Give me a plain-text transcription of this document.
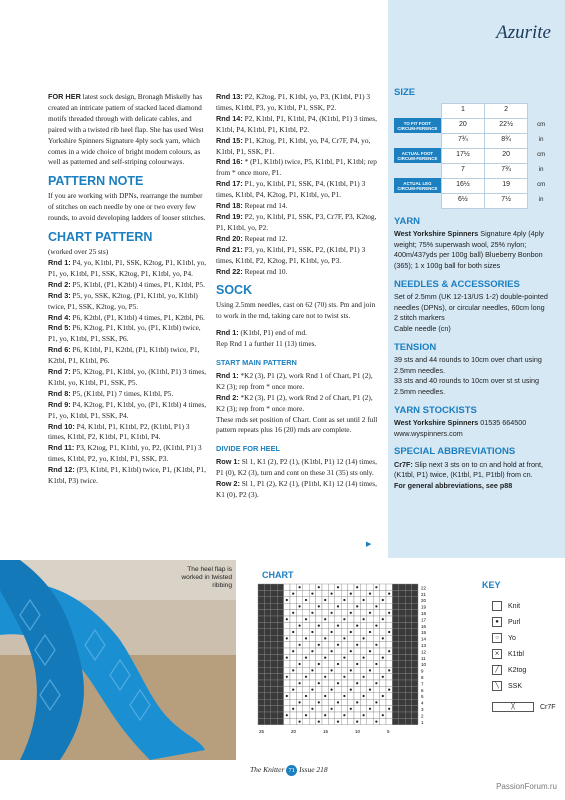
Azurite

FOR HER latest sock design, Bronagh Miskelly has created an intricate pattern of stacked laced diamond motifs threaded through with delicate cables, and paired with a twisted rib heel flap. She has used West Yorkshire Spinners Signature 4ply sock yarn, which comes in a wide choice of bright modern colours, as well as patterned and self-striping colourways.

PATTERN NOTE

If you are working with DPNs, rearrange the number of stitches on each needle by one or two every few rounds, to avoid developing ladders of looser stitches.

CHART PATTERN

(worked over 25 sts)

Rnd 1: P4, yo, K1tbl, P1, SSK, K2tog, P1, K1tbl, yo, P1, yo, K1tbl, P1, SSK, K2tog, P1, K1tbl, yo, P4.

Rnd 2: P5, K1tbl, (P1, K2tbl) 4 times, P1, K1tbl, P5.

Rnd 3: P5, yo, SSK, K2tog, (P1, K1tbl, yo, K1tbl) twice, P1, SSK, K2tog, yo, P5.

Rnd 4: P6, K2tbl, (P1, K1tbl) 4 times, P1, K2tbl, P6.

Rnd 5: P6, K2tog, P1, K1tbl, yo, (P1, K1tbl) twice, P1, yo, K1tbl, P1, SSK, P6.

Rnd 6: P6, K1tbl, P1, K2tbl, (P1, K1tbl) twice, P1, K2tbl, P1, K1tbl, P6.

Rnd 7: P5, K2tog, P1, K1tbl, yo, (K1tbl, P1) 3 times, K1tbl, yo, K1tbl, P1, SSK, P5.

Rnd 8: P5, (K1tbl, P1) 7 times, K1tbl, P5.

Rnd 9: P4, K2tog, P1, K1tbl, yo, (P1, K1tbl) 4 times, P1, yo, K1tbl, P1, SSK, P4.

Rnd 10: P4, K1tbl, P1, K1tbl, P2, (K1tbl, P1) 3 times, K1tbl, P2, K1tbl, P1, K1tbl, P4.

Rnd 11: P3, K2tog, P1, K1tbl, yo, P2, (K1tbl, P1) 3 times, K1tbl, P2, yo, K1tbl, P1, SSK, P3.

Rnd 12: (P3, K1tbl, P1, K1tbl) twice, P1, (K1tbl, P1, K1tbl, P3) twice.

Rnd 13: P2, K2tog, P1, K1tbl, yo, P3, (K1tbl, P1) 3 times, K1tbl, P3, yo, K1tbl, P1, SSK, P2.

Rnd 14: P2, K1tbl, P1, K1tbl, P4, (K1tbl, P1) 3 times, K1tbl, P4, K1tbl, P1, K1tbl, P2.

Rnd 15: P1, K2tog, P1, K1tbl, yo, P4, Cr7F, P4, yo, K1tbl, P1, SSK, P1.

Rnd 16: * (P1, K1tbl) twice, P5, K1tbl, P1, K1tbl; rep from * once more, P1.

Rnd 17: P1, yo, K1tbl, P1, SSK, P4, (K1tbl, P1) 3 times, K1tbl, P4, K2tog, P1, K1tbl, yo, P1.

Rnd 18: Repeat rnd 14.

Rnd 19: P2, yo, K1tbl, P1, SSK, P3, Cr7F, P3, K2tog, P1, K1tbl, yo, P2.

Rnd 20: Repeat rnd 12.

Rnd 21: P3, yo, K1tbl, P1, SSK, P2, (K1tbl, P1) 3 times, K1tbl, P2, K2tog, P1, K1tbl, yo, P3.

Rnd 22: Repeat rnd 10.

SOCK

Using 2.5mm needles, cast on 62 (70) sts. Pm and join to work in the rnd, taking care not to twist sts.

Rnd 1: (K1tbl, P1) end of rnd.

Rep Rnd 1 a further 11 (13) times.

START MAIN PATTERN

Rnd 1: *K2 (3), P1 (2), work Rnd 1 of Chart, P1 (2), K2 (3); rep from * once more.

Rnd 2: *K2 (3), P1 (2), work Rnd 2 of Chart, P1 (2), K2 (3); rep from * once more.

These rnds set position of Chart. Cont as set until 2 full pattern repeats plus 16 (20) rnds are complete.

DIVIDE FOR HEEL

Row 1: Sl 1, K1 (2), P2 (1), (K1tbl, P1) 12 (14) times, P1 (0), K2 (3), turn and cont on these 31 (35) sts only.

Row 2: Sl 1, P1 (2), K2 (1), (P1tbl, K1) 12 (14) times, K1 (0), P2 (3).

▶
SIZE
	1	2	
TO FIT FOOT CIRCUM-FERENCE	20	22½	cm
	7¾	8¾	in
ACTUAL FOOT CIRCUM-FERENCE	17½	20	cm
	7	7¾	in
ACTUAL LEG CIRCUM-FERENCE	16½	19	cm
	6½	7½	in
YARN

West Yorkshire Spinners Signature 4ply (4ply weight; 75% superwash wool, 25% nylon; 400m/437yds per 100g ball) Blueberry Bonbon (365); 1 x 100g ball for both sizes

NEEDLES & ACCESSORIES

Set of 2.5mm (UK 12-13/US 1-2) double-pointed needles (DPNs), or circular needles, 60cm long

2 stitch markers

Cable needle (cn)

TENSION

39 sts and 44 rounds to 10cm over chart using 2.5mm needles.

33 sts and 40 rounds to 10cm over st st using 2.5mm needles.

YARN STOCKISTS

West Yorkshire Spinners 01535 664500

www.wyspinners.com

SPECIAL ABBREVIATIONS

Cr7F: Slip next 3 sts on to cn and hold at front, (K1tbl, P1) twice, (K1tbl, P1, P1tbl) from cn.

For general abbreviations, see p88

The heel flap is worked in twisted ribbing
CHART
22
21
20
19
18
17
16
15
14
13
12
11
10
9
8
7
6
5
4
3
2
1
25	20	15	10	5
KEY
Knit
●	Purl
○	Yo
⨯	K1tbl
╱	K2tog
╲	SSK
╳	Cr7F
The Knitter 71 Issue 218
PassionForum.ru
